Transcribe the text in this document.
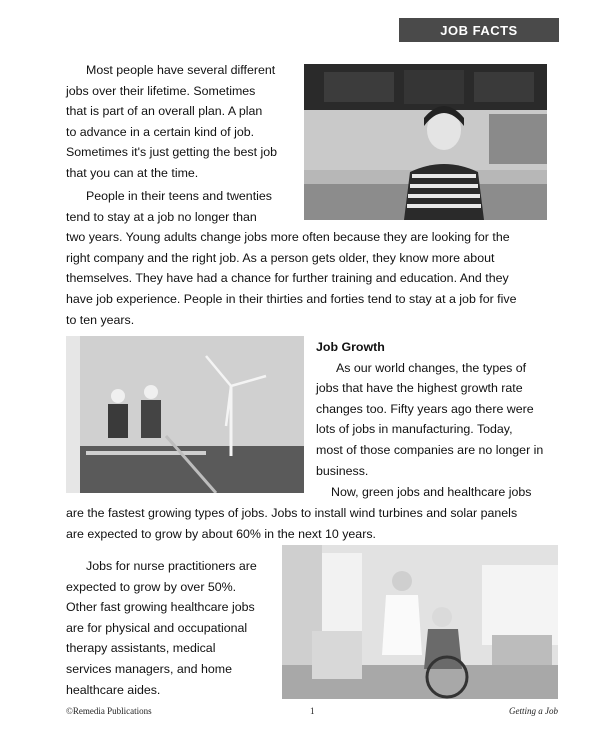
JOB FACTS
Most people have several different
jobs over their lifetime. Sometimes
that is part of an overall plan. A plan
to advance in a certain kind of job.
Sometimes it's just getting the best job
that you can at the time.
People in their teens and twenties
tend to stay at a job no longer than
two years. Young adults change jobs more often because they are looking for the
right company and the right job. As a person gets older, they know more about
themselves. They have had a chance for further training and education. And they
have job experience. People in their thirties and forties tend to stay at a job for five
to ten years.
Job Growth
As our world changes, the types of
jobs that have the highest growth rate
changes too. Fifty years ago there were
lots of jobs in manufacturing. Today,
most of those companies are no longer in
business.
Now, green jobs and healthcare jobs
are the fastest growing types of jobs. Jobs to install wind turbines and solar panels
are expected to grow by about 60% in the next 10 years.
Jobs for nurse practitioners are
expected to grow by over 50%.
Other fast growing healthcare jobs
are for physical and occupational
therapy assistants, medical
services managers, and home
healthcare aides.
©Remedia Publications	1	Getting a Job
